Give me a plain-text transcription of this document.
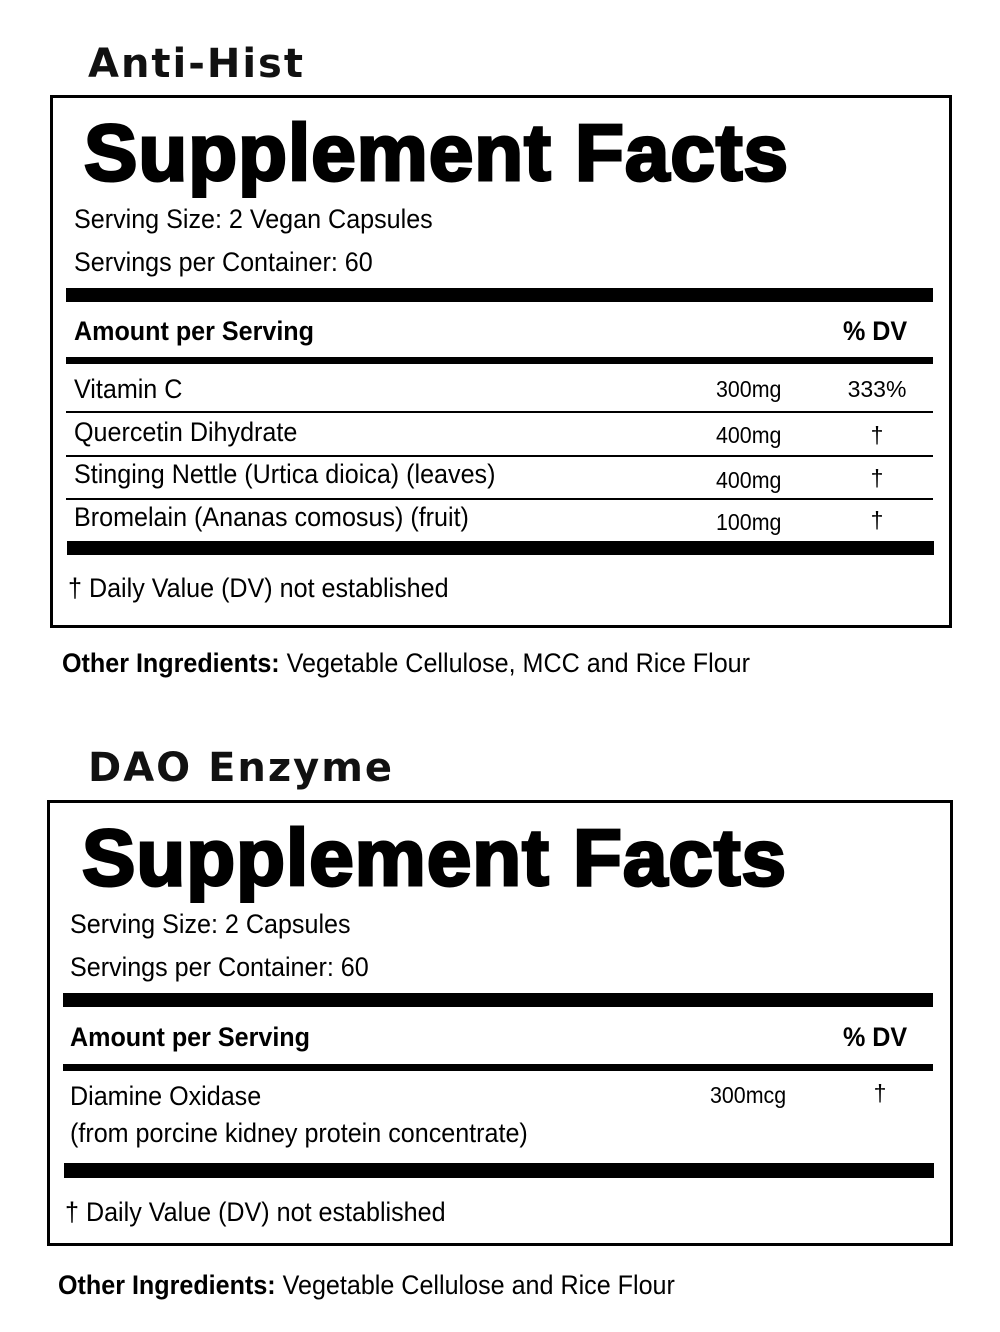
Anti-Hist
Supplement Facts
Serving Size: 2 Vegan Capsules
Servings per Container: 60
Amount per Serving	% DV
Vitamin C	300mg	333%
Quercetin Dihydrate	400mg	†
Stinging Nettle (Urtica dioica) (leaves)	400mg	†
Bromelain (Ananas comosus) (fruit)	100mg	†
† Daily Value (DV) not established
Other Ingredients: Vegetable Cellulose, MCC and Rice Flour
DAO Enzyme
Supplement Facts
Serving Size: 2 Capsules
Servings per Container: 60
Amount per Serving	% DV
Diamine Oxidase
(from porcine kidney protein concentrate)
300mcg	†
† Daily Value (DV) not established
Other Ingredients: Vegetable Cellulose and Rice Flour
